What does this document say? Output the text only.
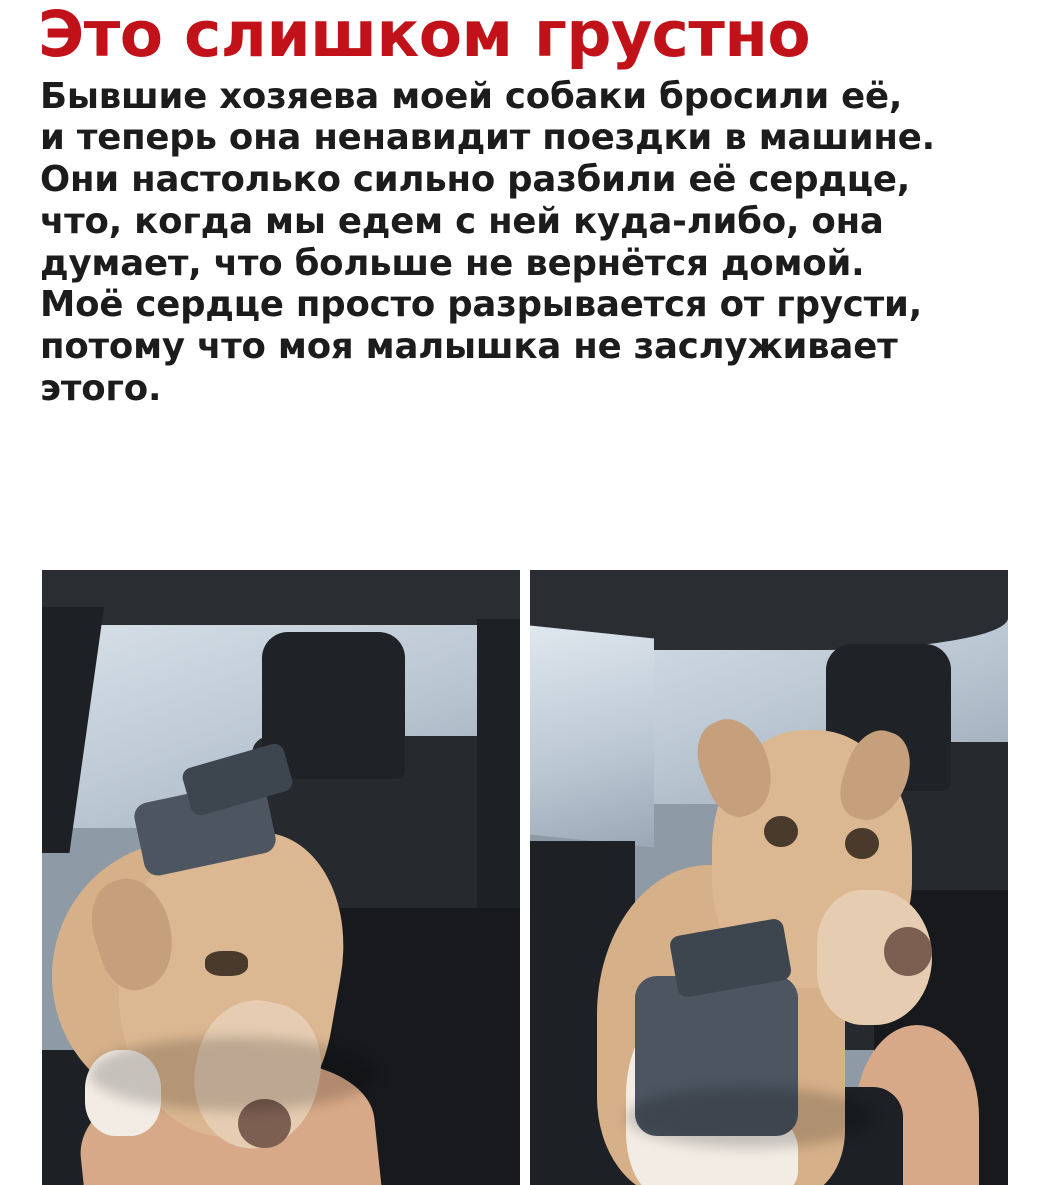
Это слишком грустно
Бывшие хозяева моей собаки бросили её,
и теперь она ненавидит поездки в машине.
Они настолько сильно разбили её сердце,
что, когда мы едем с ней куда-либо, она
думает, что больше не вернётся домой.
Моё сердце просто разрывается от грусти,
потому что моя малышка не заслуживает
этого.
